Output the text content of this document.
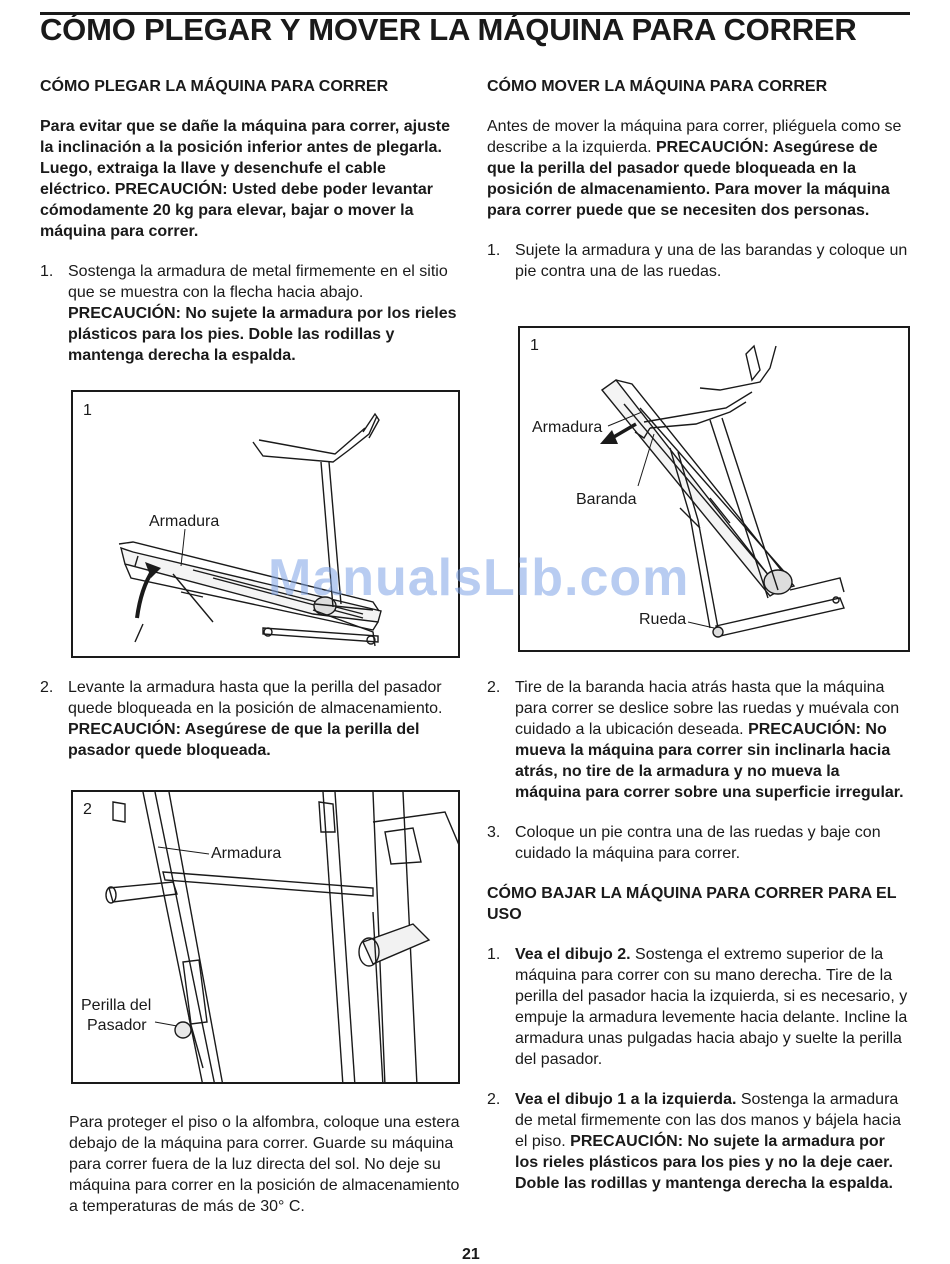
CÓMO PLEGAR Y MOVER LA MÁQUINA PARA CORRER

CÓMO PLEGAR LA MÁQUINA PARA CORRER

Para evitar que se dañe la máquina para correr, ajuste la inclinación a la posición inferior antes de plegarla. Luego, extraiga la llave y desenchufe el cable eléctrico. PRECAUCIÓN: Usted debe poder levantar cómodamente 20 kg para elevar, bajar o mover la máquina para correr.

1. Sostenga la armadura de metal firmemente en el sitio que se muestra con la flecha hacia abajo. PRECAUCIÓN: No sujete la armadura por los rieles plásticos para los pies. Doble las rodillas y mantenga derecha la espalda.
1
Armadura
2. Levante la armadura hasta que la perilla del pasador quede bloqueada en la posición de almacenamiento. PRECAUCIÓN: Asegúrese de que la perilla del pasador quede bloqueada.
2
Armadura
Perilla del
Pasador

Para proteger el piso o la alfombra, coloque una estera debajo de la máquina para correr. Guarde su máquina para correr fuera de la luz directa del sol. No deje su máquina para correr en la posición de almacenamiento a temperaturas de más de 30° C.

CÓMO MOVER LA MÁQUINA PARA CORRER

Antes de mover la máquina para correr, pliéguela como se describe a la izquierda. PRECAUCIÓN: Asegúrese de que la perilla del pasador quede bloqueada en la posición de almacenamiento. Para mover la máquina para correr puede que se necesiten dos personas.

1. Sujete la armadura y una de las barandas y coloque un pie contra una de las ruedas.
1
Armadura
Baranda
Rueda
2. Tire de la baranda hacia atrás hasta que la máquina para correr se deslice sobre las ruedas y muévala con cuidado a la ubicación deseada. PRECAUCIÓN: No mueva la máquina para correr sin inclinarla hacia atrás, no tire de la armadura y no mueva la máquina para correr sobre una superficie irregular.
3. Coloque un pie contra una de las ruedas y baje con cuidado la máquina para correr.

CÓMO BAJAR LA MÁQUINA PARA CORRER PARA EL USO

1. Vea el dibujo 2. Sostenga el extremo superior de la máquina para correr con su mano derecha. Tire de la perilla del pasador hacia la izquierda, si es necesario, y empuje la armadura levemente hacia delante. Incline la armadura unas pulgadas hacia abajo y suelte la perilla del pasador.
2. Vea el dibujo 1 a la izquierda. Sostenga la armadura de metal firmemente con las dos manos y bájela hacia el piso. PRECAUCIÓN: No sujete la armadura por los rieles plásticos para los pies y no la deje caer. Doble las rodillas y mantenga derecha la espalda.
ManualsLib.com
21
